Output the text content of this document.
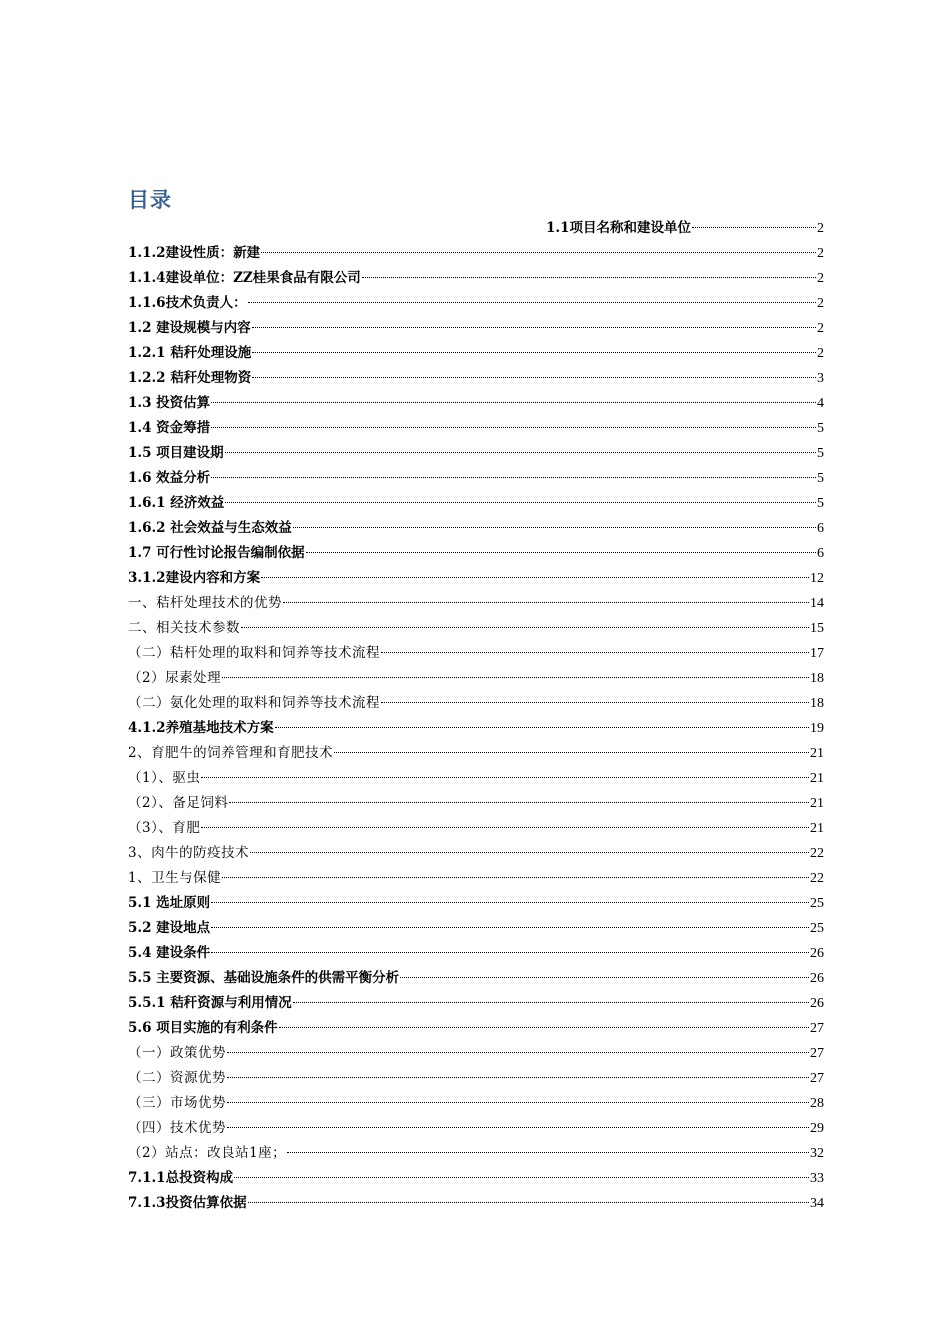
目录
1.1项目名称和建设单位	2
1.1.2建设性质：新建	2
1.1.4建设单位：ZZ桂果食品有限公司	2
1.1.6技术负责人：	2
1.2 建设规模与内容	2
1.2.1 秸秆处理设施	2
1.2.2 秸秆处理物资	3
1.3 投资估算	4
1.4 资金筹措	5
1.5 项目建设期	5
1.6 效益分析	5
1.6.1 经济效益	5
1.6.2 社会效益与生态效益	6
1.7 可行性讨论报告编制依据	6
3.1.2建设内容和方案	12
一、秸杆处理技术的优势	14
二、相关技术参数	15
（二）秸杆处理的取料和饲养等技术流程	17
（2）尿素处理	18
（二）氨化处理的取料和饲养等技术流程	18
4.1.2养殖基地技术方案	19
2、育肥牛的饲养管理和育肥技术	21
（1）、驱虫	21
（2）、备足饲料	21
（3）、育肥	21
3、肉牛的防疫技术	22
1、卫生与保健	22
5.1 选址原则	25
5.2 建设地点	25
5.4 建设条件	26
5.5 主要资源、基础设施条件的供需平衡分析	26
5.5.1 秸秆资源与利用情况	26
5.6 项目实施的有利条件	27
（一）政策优势	27
（二）资源优势	27
（三）市场优势	28
（四）技术优势	29
（2）站点：改良站1座；	32
7.1.1总投资构成	33
7.1.3投资估算依据	34
